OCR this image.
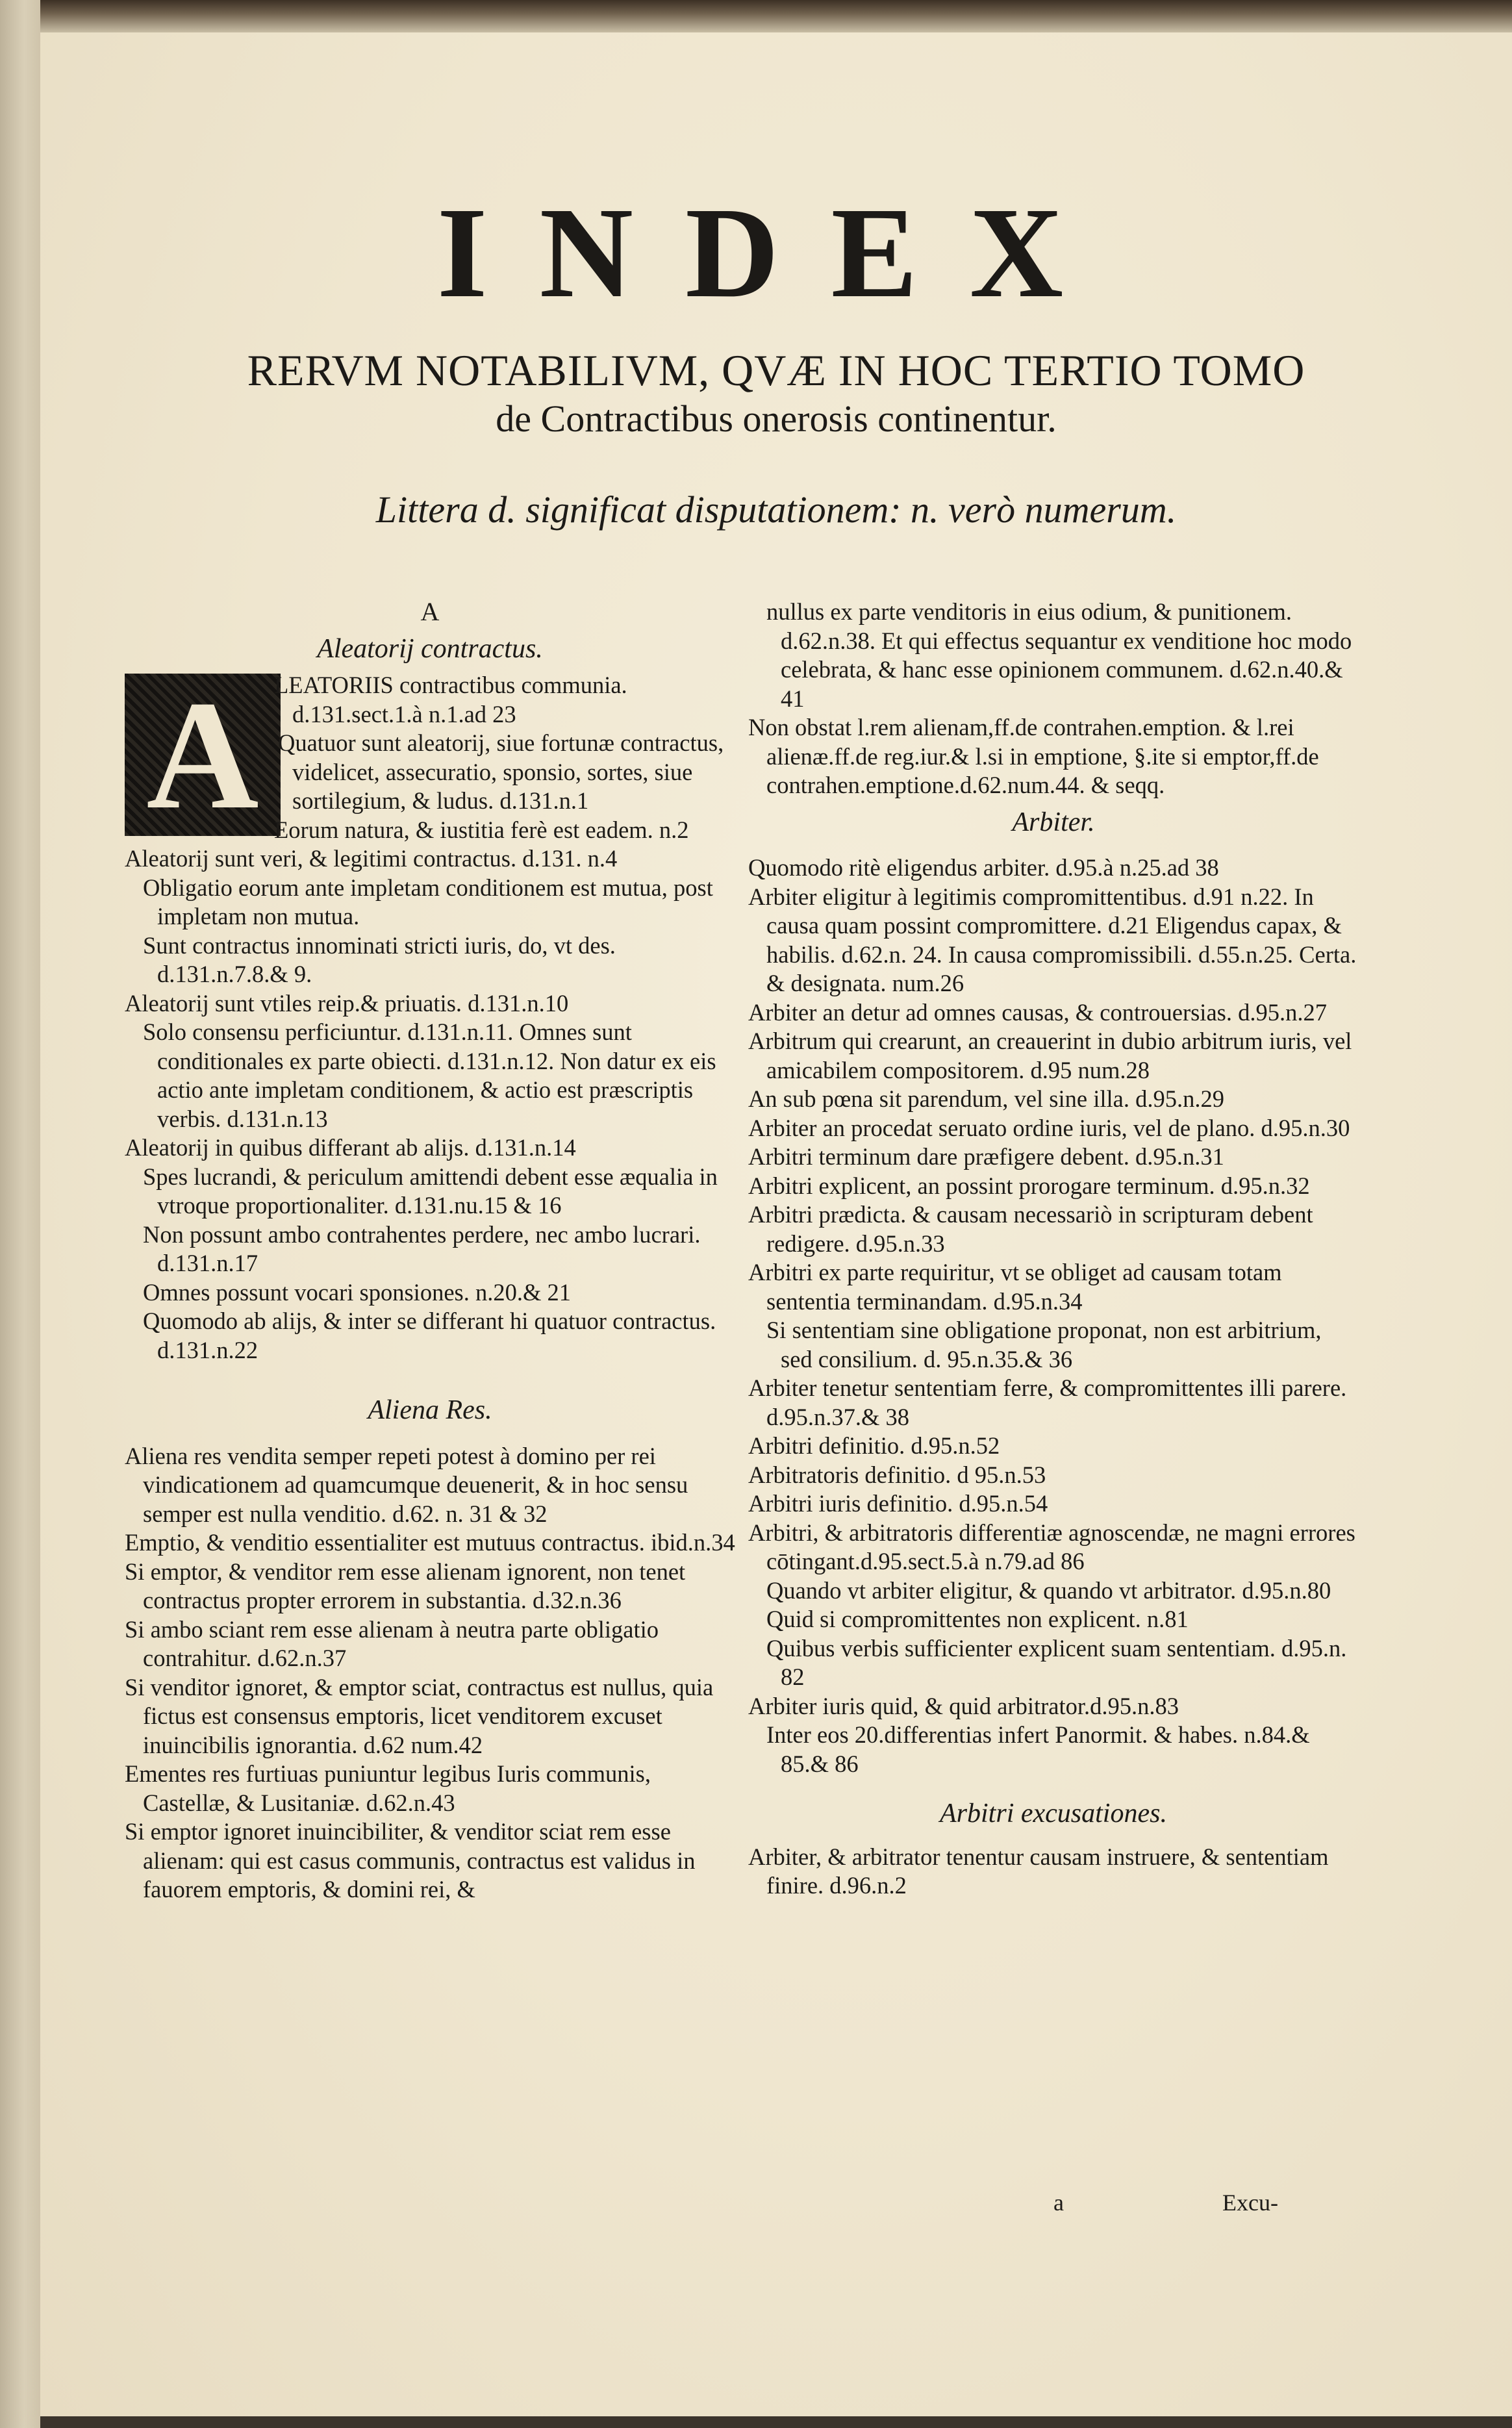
INDEX
RERVM NOTABILIVM, QVÆ IN HOC TERTIO TOMO
de Contractibus onerosis continentur.
Littera d. significat disputationem: n. verò numerum.
A
Aleatorij contractus.
A LEATORIIS contractibus communia. d.131.sect.1.à n.1.ad 23

Quatuor sunt aleatorij, siue fortunæ contractus, videlicet, assecuratio, sponsio, sortes, siue sortilegium, & ludus. d.131.n.1

Eorum natura, & iustitia ferè est eadem. n.2

Aleatorij sunt veri, & legitimi contractus. d.131. n.4

Obligatio eorum ante impletam conditionem est mutua, post impletam non mutua.

Sunt contractus innominati stricti iuris, do, vt des. d.131.n.7.8.& 9.

Aleatorij sunt vtiles reip.& priuatis. d.131.n.10

Solo consensu perficiuntur. d.131.n.11. Omnes sunt conditionales ex parte obiecti. d.131.n.12. Non datur ex eis actio ante impletam conditionem, & actio est præscriptis verbis. d.131.n.13

Aleatorij in quibus differant ab alijs. d.131.n.14

Spes lucrandi, & periculum amittendi debent esse æqualia in vtroque proportionaliter. d.131.nu.15 & 16

Non possunt ambo contrahentes perdere, nec ambo lucrari. d.131.n.17

Omnes possunt vocari sponsiones. n.20.& 21

Quomodo ab alijs, & inter se differant hi quatuor contractus. d.131.n.22

Aliena Res.

Aliena res vendita semper repeti potest à domino per rei vindicationem ad quamcumque deuenerit, & in hoc sensu semper est nulla venditio. d.62. n. 31 & 32

Emptio, & venditio essentialiter est mutuus contractus. ibid.n.34

Si emptor, & venditor rem esse alienam ignorent, non tenet contractus propter errorem in substantia. d.32.n.36

Si ambo sciant rem esse alienam à neutra parte obligatio contrahitur. d.62.n.37

Si venditor ignoret, & emptor sciat, contractus est nullus, quia fictus est consensus emptoris, licet venditorem excuset inuincibilis ignorantia. d.62 num.42

Ementes res furtiuas puniuntur legibus Iuris communis, Castellæ, & Lusitaniæ. d.62.n.43

Si emptor ignoret inuincibiliter, & venditor sciat rem esse alienam: qui est casus communis, contractus est validus in fauorem emptoris, & domini rei, &

nullus ex parte venditoris in eius odium, & punitionem. d.62.n.38. Et qui effectus sequantur ex venditione hoc modo celebrata, & hanc esse opinionem communem. d.62.n.40.& 41

Non obstat l.rem alienam,ff.de contrahen.emption. & l.rei alienæ.ff.de reg.iur.& l.si in emptione, §.ite si emptor,ff.de contrahen.emptione.d.62.num.44. & seqq.

Arbiter.

Quomodo ritè eligendus arbiter. d.95.à n.25.ad 38

Arbiter eligitur à legitimis compromittentibus. d.91 n.22. In causa quam possint compromittere. d.21 Eligendus capax, & habilis. d.62.n. 24. In causa compromissibili. d.55.n.25. Certa. & designata. num.26

Arbiter an detur ad omnes causas, & controuersias. d.95.n.27

Arbitrum qui crearunt, an creauerint in dubio arbitrum iuris, vel amicabilem compositorem. d.95 num.28

An sub pœna sit parendum, vel sine illa. d.95.n.29

Arbiter an procedat seruato ordine iuris, vel de plano. d.95.n.30

Arbitri terminum dare præfigere debent. d.95.n.31

Arbitri explicent, an possint prorogare terminum. d.95.n.32

Arbitri prædicta. & causam necessariò in scripturam debent redigere. d.95.n.33

Arbitri ex parte requiritur, vt se obliget ad causam totam sententia terminandam. d.95.n.34

Si sententiam sine obligatione proponat, non est arbitrium, sed consilium. d. 95.n.35.& 36

Arbiter tenetur sententiam ferre, & compromittentes illi parere. d.95.n.37.& 38

Arbitri definitio. d.95.n.52

Arbitratoris definitio. d 95.n.53

Arbitri iuris definitio. d.95.n.54

Arbitri, & arbitratoris differentiæ agnoscendæ, ne magni errores cōtingant.d.95.sect.5.à n.79.ad 86

Quando vt arbiter eligitur, & quando vt arbitrator. d.95.n.80

Quid si compromittentes non explicent. n.81

Quibus verbis sufficienter explicent suam sententiam. d.95.n. 82

Arbiter iuris quid, & quid arbitrator.d.95.n.83

Inter eos 20.differentias infert Panormit. & habes. n.84.& 85.& 86

Arbitri excusationes.

Arbiter, & arbitrator tenentur causam instruere, & sententiam finire. d.96.n.2

a	Excu-
